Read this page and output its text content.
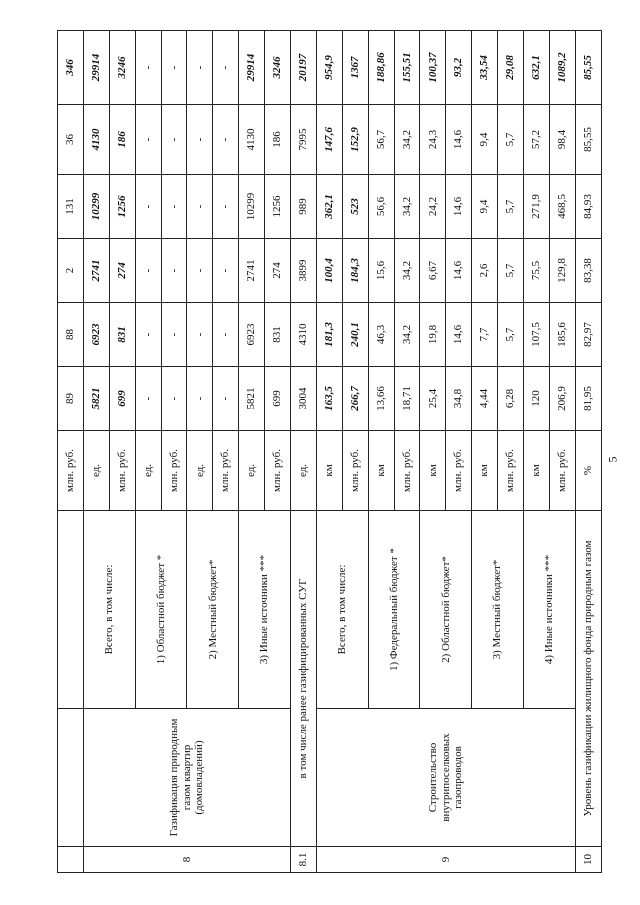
			млн. руб.	89	88	2	131	36	346
8	Газификация природным газом квартир (домовладений)	Всего, в том числе:	ед.	5821	6923	2741	10299	4130	29914
			млн. руб.	699	831	274	1256	186	3246
		1) Областной бюджет *	ед.	-	-	-	-	-	-
			млн. руб.	-	-	-	-	-	-
		2) Местный бюджет*	ед.	-	-	-	-	-	-
			млн. руб.	-	-	-	-	-	-
		3) Иные источники ***	ед.	5821	6923	2741	10299	4130	29914
			млн. руб.	699	831	274	1256	186	3246
8.1	в том числе ранее газифицированных СУГ		ед.	3004	4310	3899	989	7995	20197
9	Строительство внутрипоселковых газопроводов	Всего, в том числе:	км	163,5	181,3	100,4	362,1	147,6	954,9
			млн. руб.	266,7	240,1	184,3	523	152,9	1367
		1) Федеральный бюджет *	км	13,66	46,3	15,6	56,6	56,7	188,86
			млн. руб.	18,71	34,2	34,2	34,2	34,2	155,51
		2) Областной бюджет*	км	25,4	19,8	6,67	24,2	24,3	100,37
			млн. руб.	34,8	14,6	14,6	14,6	14,6	93,2
		3) Местный бюджет*	км	4,44	7,7	2,6	9,4	9,4	33,54
			млн. руб.	6,28	5,7	5,7	5,7	5,7	29,08
		4) Иные источники ***	км	120	107,5	75,5	271,9	57,2	632,1
			млн. руб.	206,9	185,6	129,8	468,5	98,4	1089,2
10	Уровень газификации жилищного фонда природным газом		%	81,95	82,97	83,38	84,93	85,55	85,55
5
